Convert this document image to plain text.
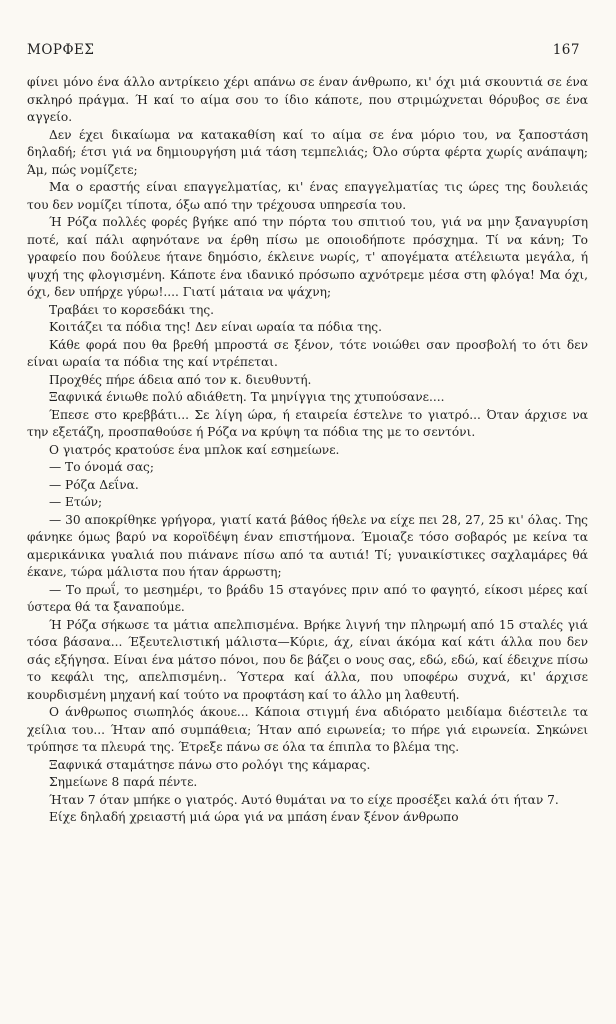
ΜΟΡΦΕΣ	167

φίνει μόνο ένα άλλο αντρίκειο χέρι απάνω σε έναν άνθρωπο, κι' όχι μιά σκουντιά σε ένα σκληρό πράγμα. Ή καί το αίμα σου το ίδιο κάποτε, που στριμώχνεται θόρυβος σε ένα αγγείο.

Δεν έχει δικαίωμα να κατακαθίση καί το αίμα σε ένα μόριο του, να ξαποστάση δηλαδή; έτσι γιά να δημιουργήση μιά τάση τεμπελιάς; Όλο σύρτα φέρτα χωρίς ανάπαψη; Άμ, πώς νομίζετε;

Μα ο εραστής είναι επαγγελματίας, κι' ένας επαγγελματίας τις ώρες της δουλειάς του δεν νομίζει τίποτα, όξω από την τρέχουσα υπηρεσία του.

Ή Ρόζα πολλές φορές βγήκε από την πόρτα του σπιτιού του, γιά να μην ξαναγυρίση ποτέ, καί πάλι αφηνότανε να έρθη πίσω με οποιοδήποτε πρόσχημα. Τί να κάνη; Το γραφείο που δούλευε ήτανε δημόσιο, έκλεινε νωρίς, τ' απογέματα ατέλειωτα μεγάλα, ή ψυχή της φλογισμένη. Κάποτε ένα ιδανικό πρόσωπο αχνότρεμε μέσα στη φλόγα! Μα όχι, όχι, δεν υπήρχε γύρω!.... Γιατί μάταια να ψάχνη;

Τραβάει το κορσεδάκι της.

Κοιτάζει τα πόδια της! Δεν είναι ωραία τα πόδια της.

Κάθε φορά που θα βρεθή μπροστά σε ξένον, τότε νοιώθει σαν προσβολή το ότι δεν είναι ωραία τα πόδια της καί ντρέπεται.

Προχθές πήρε άδεια από τον κ. διευθυντή.

Ξαφνικά ένιωθε πολύ αδιάθετη. Τα μηνίγγια της χτυπούσανε....

Έπεσε στο κρεββάτι... Σε λίγη ώρα, ή εταιρεία έστελνε το γιατρό... Όταν άρχισε να την εξετάζη, προσπαθούσε ή Ρόζα να κρύψη τα πόδια της με το σεντόνι.

Ο γιατρός κρατούσε ένα μπλοκ καί εσημείωνε.

— Το όνομά σας;

— Ρόζα Δεΐνα.

— Ετών;

— 30 αποκρίθηκε γρήγορα, γιατί κατά βάθος ήθελε να είχε πει 28, 27, 25 κι' όλας. Της φάνηκε όμως βαρύ να κοροϊδέψη έναν επιστήμονα. Έμοιαζε τόσο σοβαρός με κείνα τα αμερικάνικα γυαλιά που πιάνανε πίσω από τα αυτιά! Τί; γυναικίστικες σαχλαμάρες θά έκανε, τώρα μάλιστα που ήταν άρρωστη;

— Το πρωΐ, το μεσημέρι, το βράδυ 15 σταγόνες πριν από το φαγητό, είκοσι μέρες καί ύστερα θά τα ξαναπούμε.

Ή Ρόζα σήκωσε τα μάτια απελπισμένα. Βρήκε λιγνή την πληρωμή από 15 σταλές γιά τόσα βάσανα... Έξευτελιστική μάλιστα—Κύριε, άχ, είναι άκόμα καί κάτι άλλα που δεν σάς εξήγησα. Είναι ένα μάτσο πόνοι, που δε βάζει ο νους σας, εδώ, εδώ, καί έδειχνε πίσω το κεφάλι της, απελπισμένη.. Ύστερα καί άλλα, που υποφέρω συχνά, κι' άρχισε κουρδισμένη μηχανή καί τούτο να προφτάση καί το άλλο μη λαθευτή.

Ο άνθρωπος σιωπηλός άκουε... Κάποια στιγμή ένα αδιόρατο μειδίαμα διέστειλε τα χείλια του... Ήταν από συμπάθεια; Ήταν από ειρωνεία; το πήρε γιά ειρωνεία. Σηκώνει τρύπησε τα πλευρά της. Έτρεξε πάνω σε όλα τα έπιπλα το βλέμα της.

Ξαφνικά σταμάτησε πάνω στο ρολόγι της κάμαρας.

Σημείωνε 8 παρά πέντε.

Ήταν 7 όταν μπήκε ο γιατρός. Αυτό θυμάται να το είχε προσέξει καλά ότι ήταν 7.

Είχε δηλαδή χρειαστή μιά ώρα γιά να μπάση έναν ξένον άνθρωπο
